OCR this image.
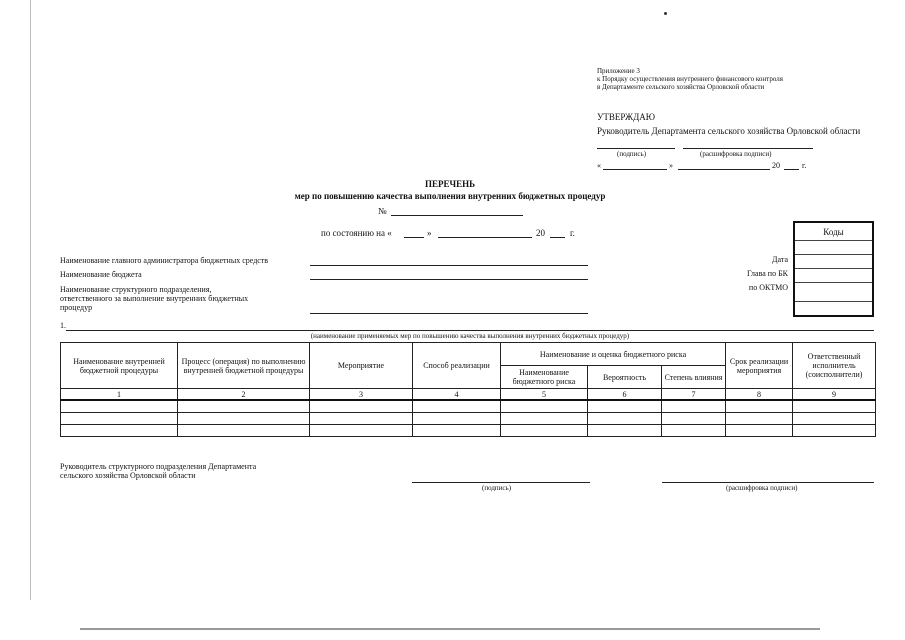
Приложение 3
к Порядку осуществления внутреннего финансового контроля
в Департаменте сельского хозяйства Орловской области
УТВЕРЖДАЮ
Руководитель Департамента сельского хозяйства Орловской области
(подпись)	(расшифровка подписи)
«	»	20	г.
ПЕРЕЧЕНЬ
мер по повышению качества выполнения внутренних бюджетных процедур
№
по состоянию на «	»	20	г.	Коды
Дата
Глава по БК
по ОКТМО
Наименование главного администратора бюджетных средств
Наименование бюджета
Наименование структурного подразделения,
ответственного за выполнение внутренних бюджетных
процедур
1.
(наименование применяемых мер по повышению качества выполнения внутренних бюджетных процедур)
Наименование внутренней бюджетной процедуры	Процесс (операция) по выполнению внутренней бюджетной процедуры	Мероприятие	Способ реализации	Наименование и оценка бюджетного риска			Срок реализации мероприятия	Ответственный исполнитель (соисполнители)
				Наименование бюджетного риска	Вероятность	Степень влияния		
1	2	3	4	5	6	7	8	9

Руководитель структурного подразделения Департамента
сельского хозяйства Орловской области
(подпись)	(расшифровка подписи)
